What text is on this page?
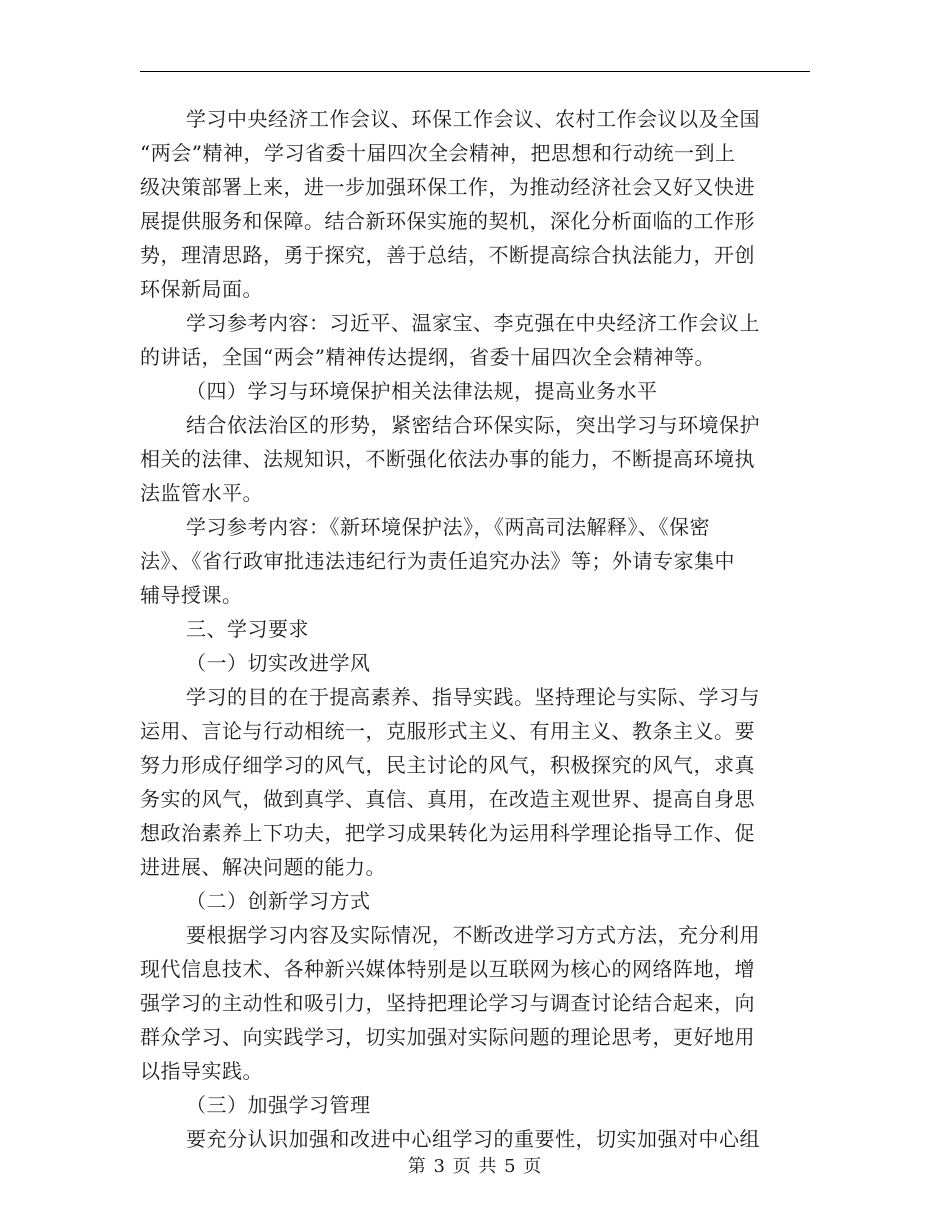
学习中央经济工作会议、环保工作会议、农村工作会议以及全国
“两会”精神，学习省委十届四次全会精神，把思想和行动统一到上
级决策部署上来，进一步加强环保工作，为推动经济社会又好又快进
展提供服务和保障。结合新环保实施的契机，深化分析面临的工作形
势，理清思路，勇于探究，善于总结，不断提高综合执法能力，开创
环保新局面。
学习参考内容：习近平、温家宝、李克强在中央经济工作会议上
的讲话，全国“两会”精神传达提纲，省委十届四次全会精神等。
（四）学习与环境保护相关法律法规，提高业务水平
结合依法治区的形势，紧密结合环保实际，突出学习与环境保护
相关的法律、法规知识，不断强化依法办事的能力，不断提高环境执
法监管水平。
学习参考内容：《新环境保护法》，《两高司法解释》、《保密
法》、《省行政审批违法违纪行为责任追究办法》等；外请专家集中
辅导授课。
三、学习要求
（一）切实改进学风
学习的目的在于提高素养、指导实践。坚持理论与实际、学习与
运用、言论与行动相统一，克服形式主义、有用主义、教条主义。要
努力形成仔细学习的风气，民主讨论的风气，积极探究的风气，求真
务实的风气，做到真学、真信、真用，在改造主观世界、提高自身思
想政治素养上下功夫，把学习成果转化为运用科学理论指导工作、促
进进展、解决问题的能力。
（二）创新学习方式
要根据学习内容及实际情况，不断改进学习方式方法，充分利用
现代信息技术、各种新兴媒体特别是以互联网为核心的网络阵地，增
强学习的主动性和吸引力，坚持把理论学习与调查讨论结合起来，向
群众学习、向实践学习，切实加强对实际问题的理论思考，更好地用
以指导实践。
（三）加强学习管理
要充分认识加强和改进中心组学习的重要性，切实加强对中心组
第 3 页 共 5 页
